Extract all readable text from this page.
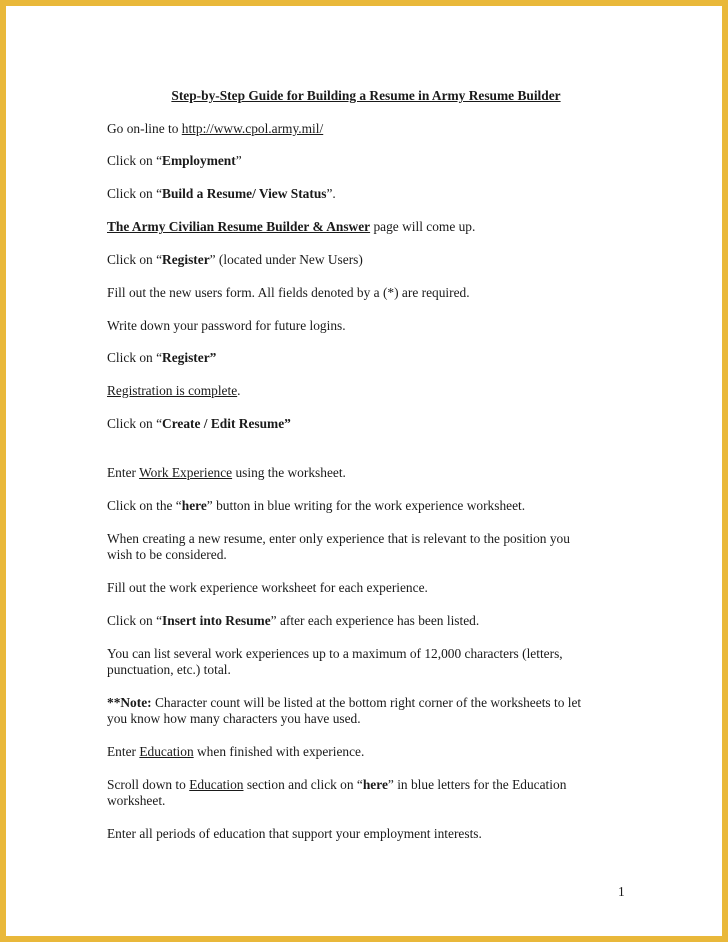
Step-by-Step Guide for Building a Resume in Army Resume Builder

Go on-line to http://www.cpol.army.mil/

Click on “Employment”

Click on “Build a Resume/ View Status”.

The Army Civilian Resume Builder & Answer page will come up.

Click on “Register” (located under New Users)

Fill out the new users form. All fields denoted by a (*) are required.

Write down your password for future logins.

Click on “Register”

Registration is complete.

Click on “Create / Edit Resume”

Enter Work Experience using the worksheet.

Click on the “here” button in blue writing for the work experience worksheet.

When creating a new resume, enter only experience that is relevant to the position you

wish to be considered.

Fill out the work experience worksheet for each experience.

Click on “Insert into Resume” after each experience has been listed.

You can list several work experiences up to a maximum of 12,000 characters (letters,

punctuation, etc.) total.

**Note: Character count will be listed at the bottom right corner of the worksheets to let

you know how many characters you have used.

Enter Education when finished with experience.

Scroll down to Education section and click on “here” in blue letters for the Education

worksheet.

Enter all periods of education that support your employment interests.

1
